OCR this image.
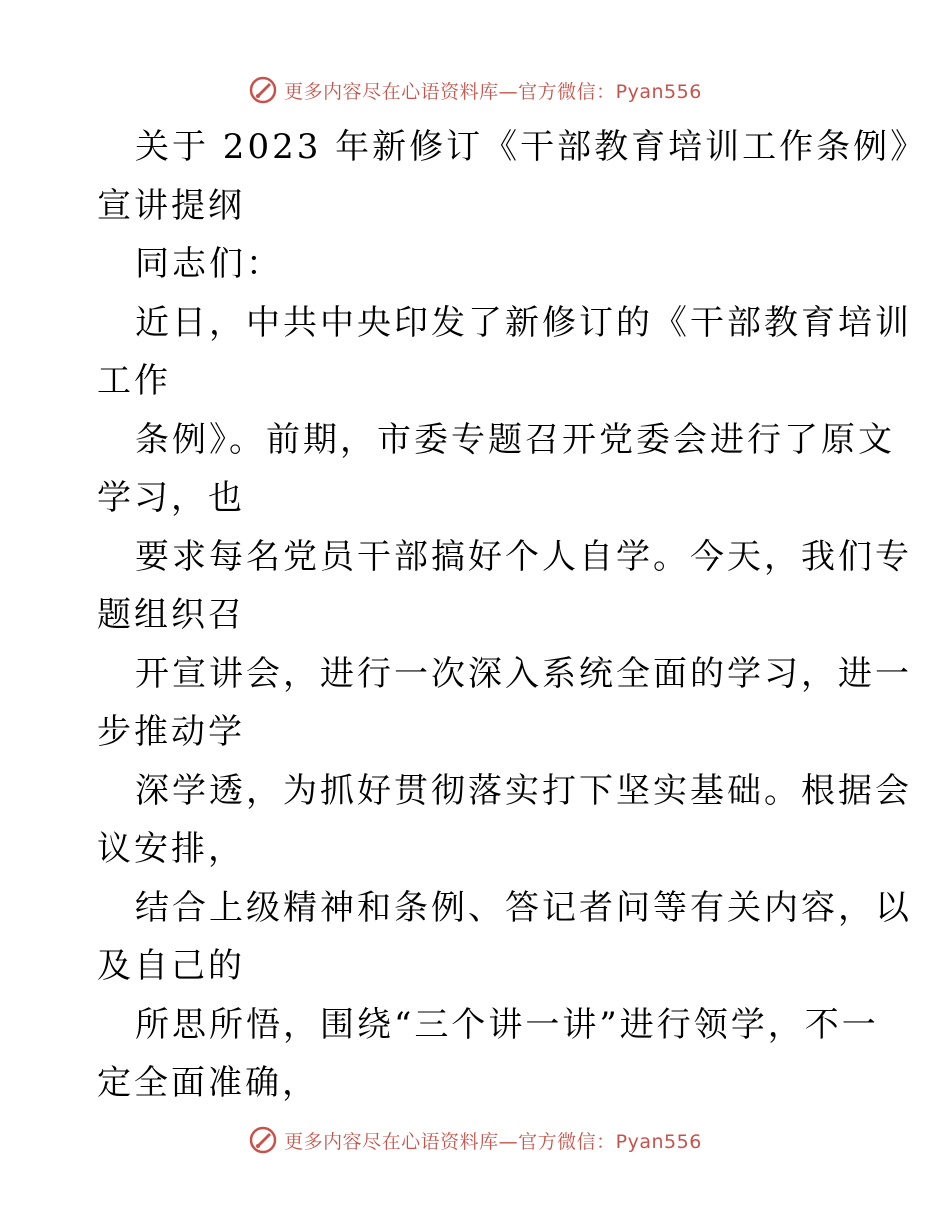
更多内容尽在心语资料库—官方微信：Pyan556

关于 2023 年新修订《干部教育培训工作条例》

宣讲提纲

同志们：

近日，中共中央印发了新修订的《干部教育培训

工作

条例》。前期，市委专题召开党委会进行了原文

学习，也

要求每名党员干部搞好个人自学。今天，我们专

题组织召

开宣讲会，进行一次深入系统全面的学习，进一

步推动学

深学透，为抓好贯彻落实打下坚实基础。根据会

议安排，

结合上级精神和条例、答记者问等有关内容，以

及自己的

所思所悟，围绕“三个讲一讲”进行领学，不一

定全面准确，

更多内容尽在心语资料库—官方微信：Pyan556
